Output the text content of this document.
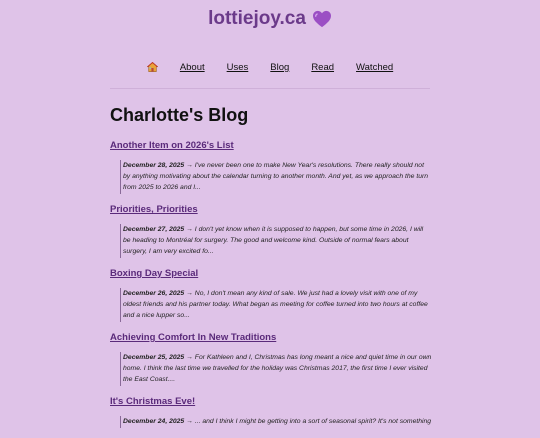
lottiejoy.ca
About Uses Blog Read Watched
Charlotte's Blog
Another Item on 2026's List
December 28, 2025 → I've never been one to make New Year's resolutions. There really should not by anything motivating about the calendar turning to another month. And yet, as we approach the turn from 2025 to 2026 and I...
Priorities, Priorities
December 27, 2025 → I don't yet know when it is supposed to happen, but some time in 2026, I will be heading to Montréal for surgery. The good and welcome kind. Outside of normal fears about surgery, I am very excited fo...
Boxing Day Special
December 26, 2025 → No, I don't mean any kind of sale. We just had a lovely visit with one of my oldest friends and his partner today. What began as meeting for coffee turned into two hours at coffee and a nice lupper so...
Achieving Comfort In New Traditions
December 25, 2025 → For Kathleen and I, Christmas has long meant a nice and quiet time in our own home. I think the last time we travelled for the holiday was Christmas 2017, the first time I ever visited the East Coast....
It's Christmas Eve!
December 24, 2025 → ... and I think I might be getting into a sort of seasonal spirit? It's not something
